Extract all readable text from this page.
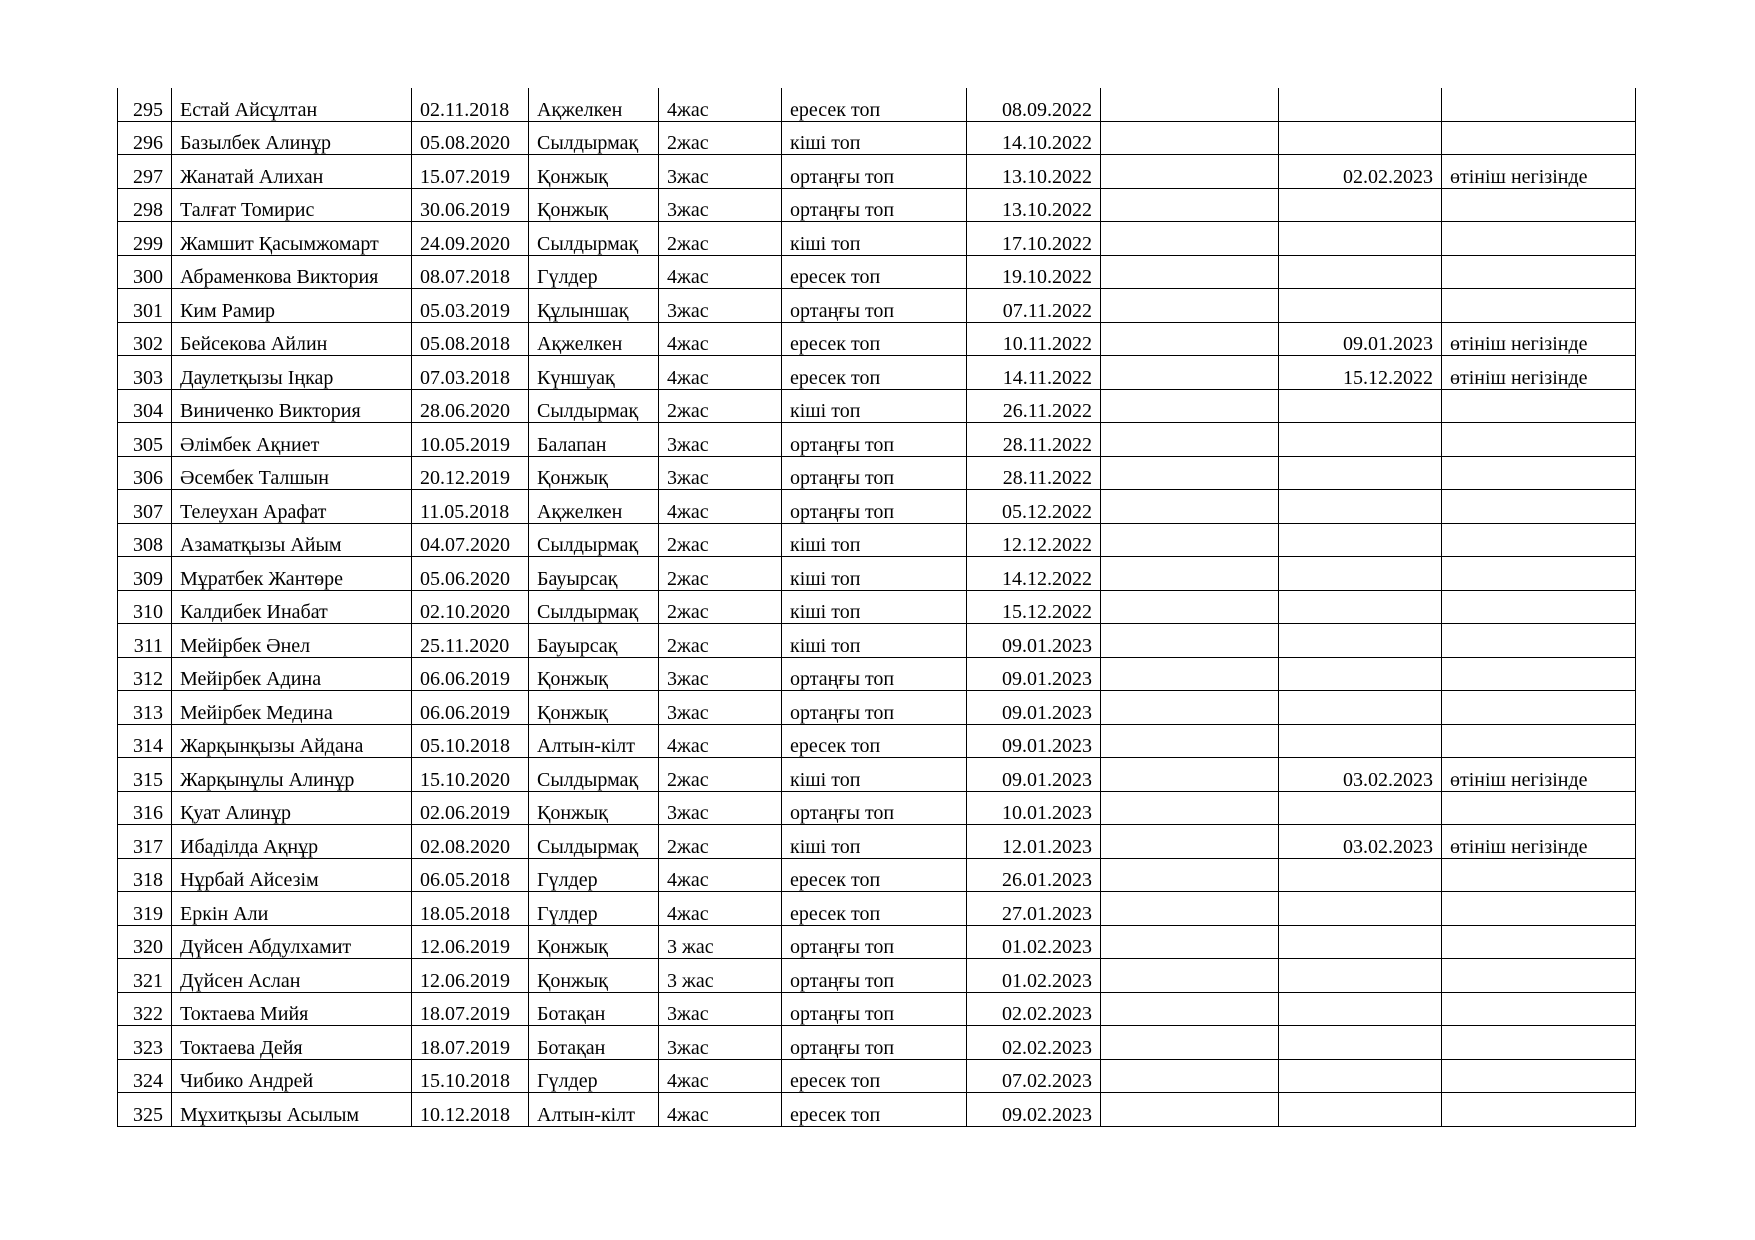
295	Естай Айсұлтан	02.11.2018	Ақжелкен	4жас	ересек топ	08.09.2022			
296	Базылбек Алинұр	05.08.2020	Сылдырмақ	2жас	кіші топ	14.10.2022			
297	Жанатай Алихан	15.07.2019	Қонжық	3жас	ортаңғы топ	13.10.2022		02.02.2023	өтініш негізінде
298	Талғат Томирис	30.06.2019	Қонжық	3жас	ортаңғы топ	13.10.2022			
299	Жамшит Қасымжомарт	24.09.2020	Сылдырмақ	2жас	кіші топ	17.10.2022			
300	Абраменкова Виктория	08.07.2018	Гүлдер	4жас	ересек топ	19.10.2022			
301	Ким Рамир	05.03.2019	Құлыншақ	3жас	ортаңғы топ	07.11.2022			
302	Бейсекова Айлин	05.08.2018	Ақжелкен	4жас	ересек топ	10.11.2022		09.01.2023	өтініш негізінде
303	Даулетқызы Іңкар	07.03.2018	Күншуақ	4жас	ересек топ	14.11.2022		15.12.2022	өтініш негізінде
304	Виниченко Виктория	28.06.2020	Сылдырмақ	2жас	кіші топ	26.11.2022			
305	Әлімбек Ақниет	10.05.2019	Балапан	3жас	ортаңғы топ	28.11.2022			
306	Әсембек Талшын	20.12.2019	Қонжық	3жас	ортаңғы топ	28.11.2022			
307	Телеухан Арафат	11.05.2018	Ақжелкен	4жас	ортаңғы топ	05.12.2022			
308	Азаматқызы Айым	04.07.2020	Сылдырмақ	2жас	кіші топ	12.12.2022			
309	Мұратбек Жантөре	05.06.2020	Бауырсақ	2жас	кіші топ	14.12.2022			
310	Калдибек Инабат	02.10.2020	Сылдырмақ	2жас	кіші топ	15.12.2022			
311	Мейірбек Әнел	25.11.2020	Бауырсақ	2жас	кіші топ	09.01.2023			
312	Мейірбек Адина	06.06.2019	Қонжық	3жас	ортаңғы топ	09.01.2023			
313	Мейірбек Медина	06.06.2019	Қонжық	3жас	ортаңғы топ	09.01.2023			
314	Жарқынқызы Айдана	05.10.2018	Алтын-кілт	4жас	ересек топ	09.01.2023			
315	Жарқынұлы Алинұр	15.10.2020	Сылдырмақ	2жас	кіші топ	09.01.2023		03.02.2023	өтініш негізінде
316	Қуат Алинұр	02.06.2019	Қонжық	3жас	ортаңғы топ	10.01.2023			
317	Ибаділда Ақнұр	02.08.2020	Сылдырмақ	2жас	кіші топ	12.01.2023		03.02.2023	өтініш негізінде
318	Нұрбай Айсезім	06.05.2018	Гүлдер	4жас	ересек топ	26.01.2023			
319	Еркін Али	18.05.2018	Гүлдер	4жас	ересек топ	27.01.2023			
320	Дүйсен Абдулхамит	12.06.2019	Қонжық	3 жас	ортаңғы топ	01.02.2023			
321	Дүйсен Аслан	12.06.2019	Қонжық	3 жас	ортаңғы топ	01.02.2023			
322	Токтаева Мийя	18.07.2019	Ботақан	3жас	ортаңғы топ	02.02.2023			
323	Токтаева Дейя	18.07.2019	Ботақан	3жас	ортаңғы топ	02.02.2023			
324	Чибико Андрей	15.10.2018	Гүлдер	4жас	ересек топ	07.02.2023			
325	Мұхитқызы Асылым	10.12.2018	Алтын-кілт	4жас	ересек топ	09.02.2023			
